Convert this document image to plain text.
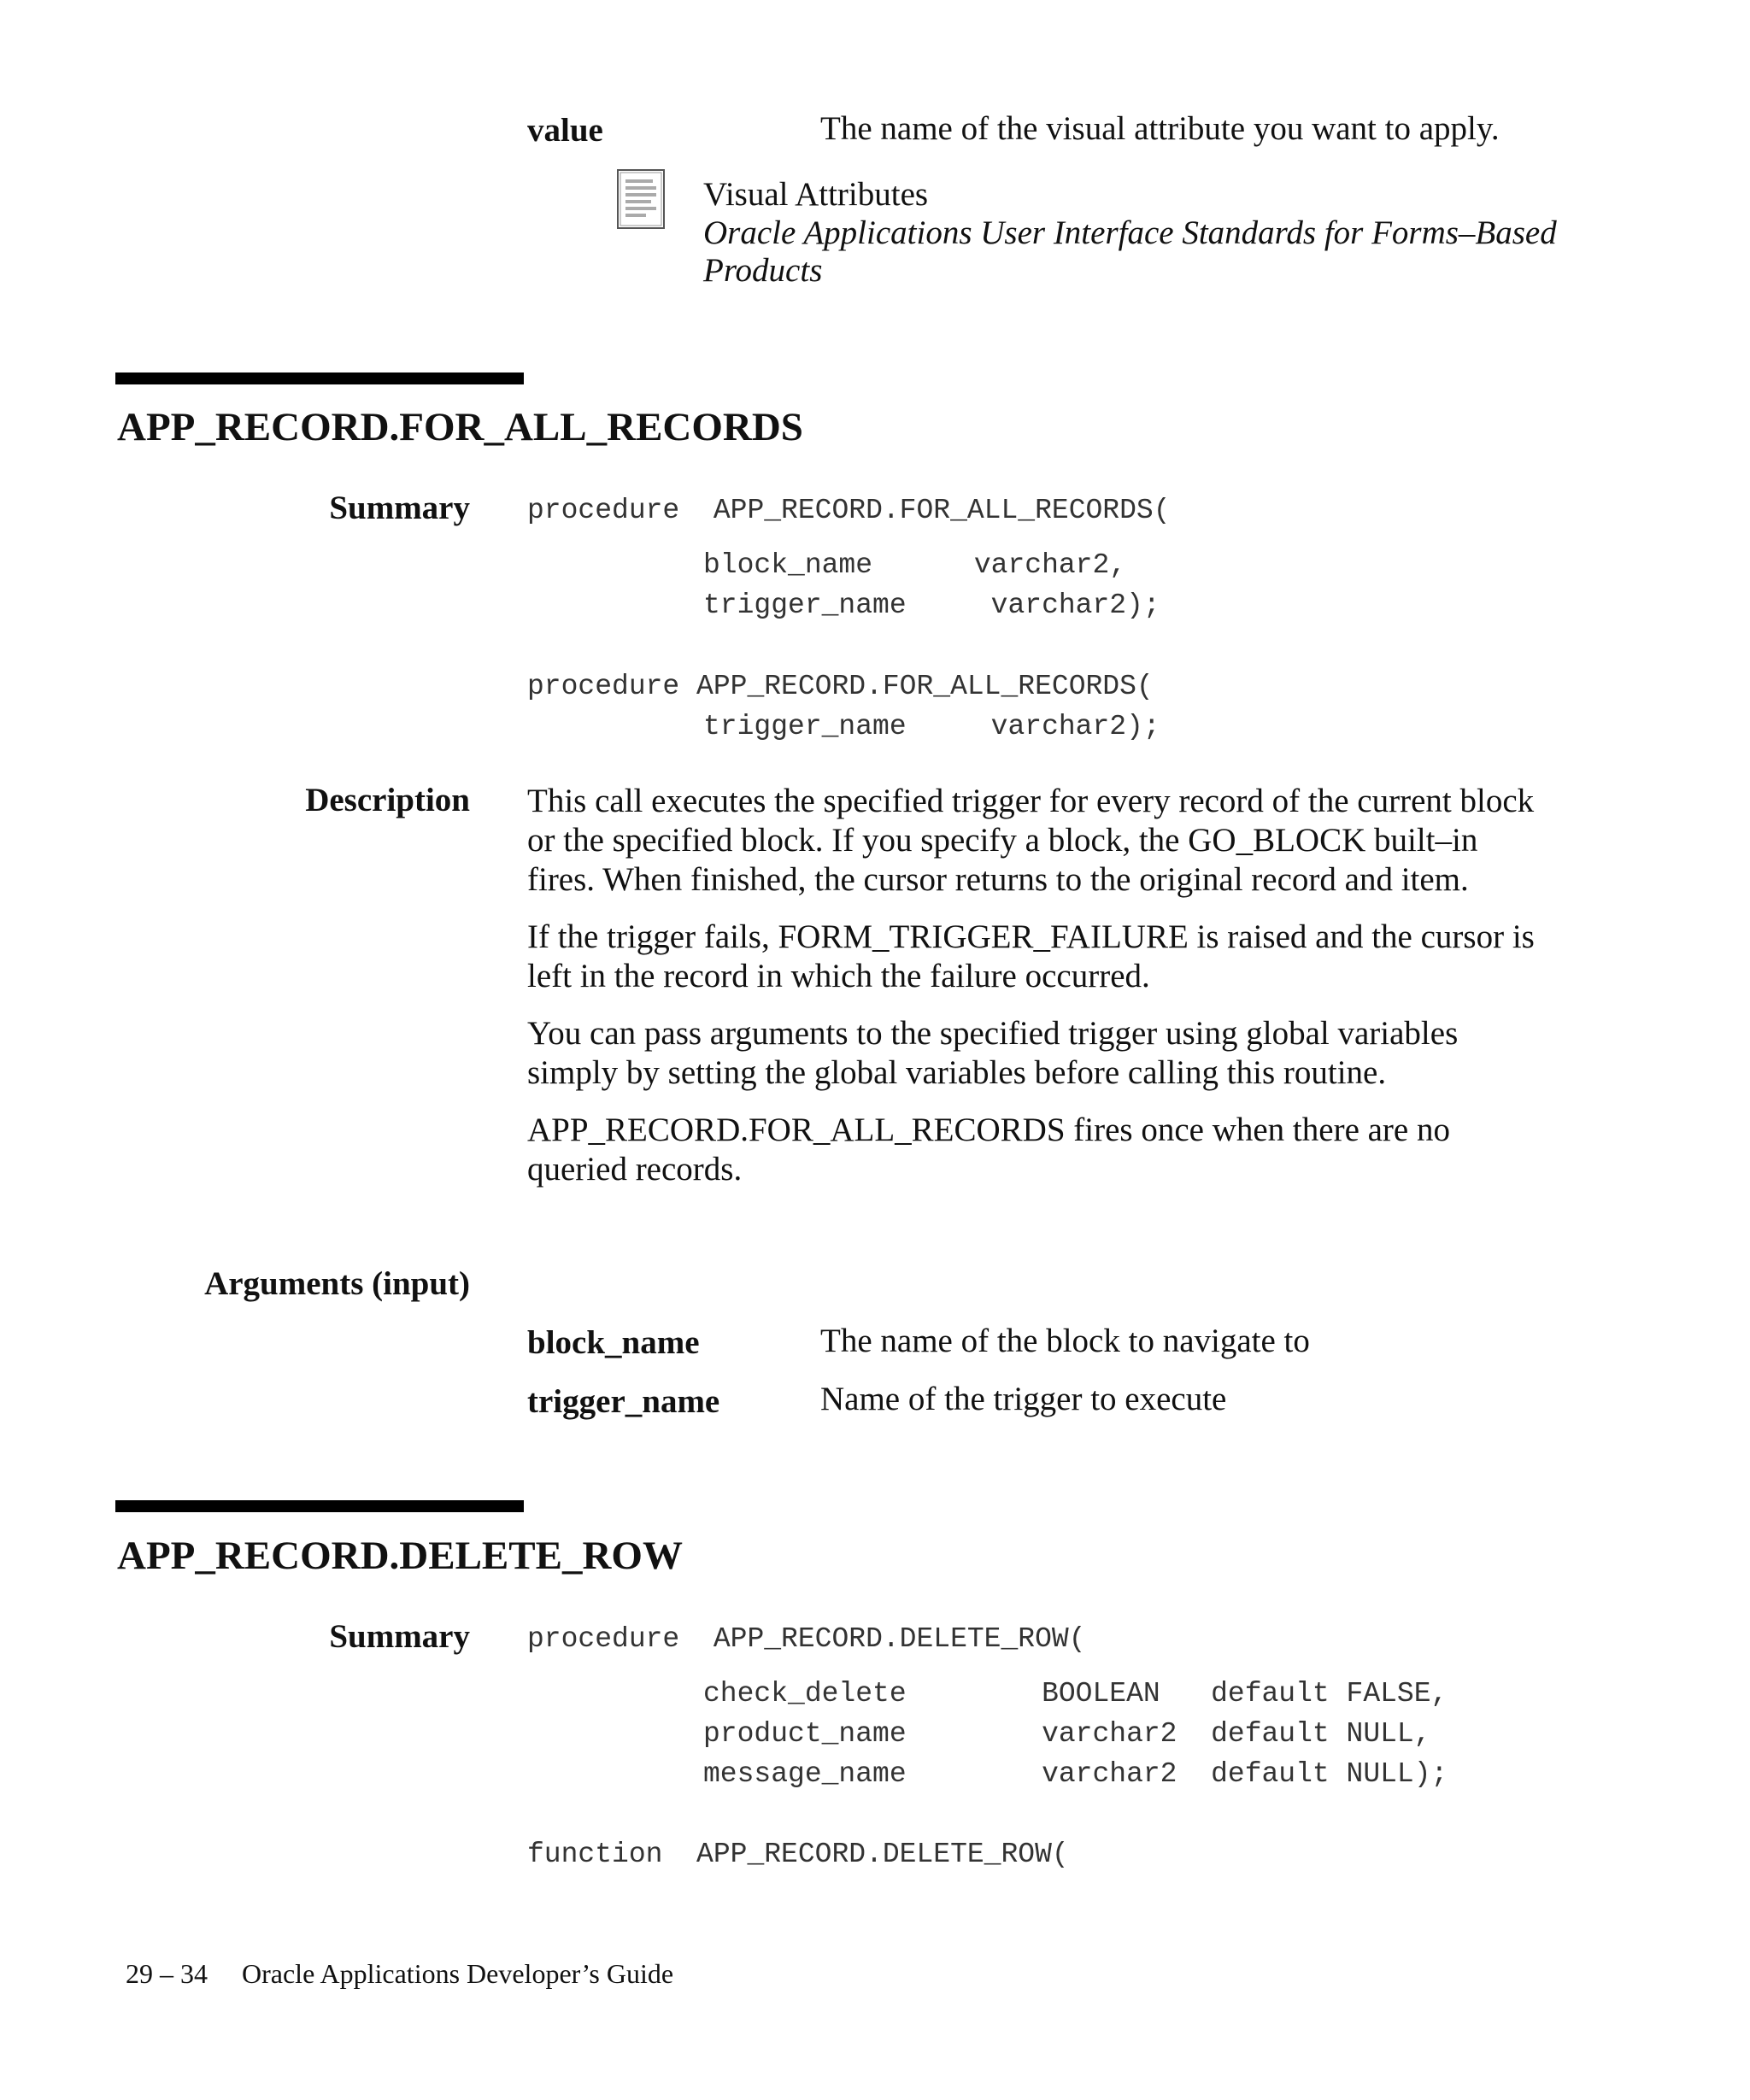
value	The name of the visual attribute you want to apply.
Visual Attributes
Oracle Applications User Interface Standards for Forms–Based
Products
APP_RECORD.FOR_ALL_RECORDS
Summary procedure  APP_RECORD.FOR_ALL_RECORDS(
block_name      varchar2,
trigger_name     varchar2);
procedure APP_RECORD.FOR_ALL_RECORDS(
trigger_name     varchar2);
Description This call executes the specified trigger for every record of the current block or the specified block. If you specify a block, the GO_BLOCK built–in fires. When finished, the cursor returns to the original record and item.

If the trigger fails, FORM_TRIGGER_FAILURE is raised and the cursor is left in the record in which the failure occurred.

You can pass arguments to the specified trigger using global variables simply by setting the global variables before calling this routine.

APP_RECORD.FOR_ALL_RECORDS fires once when there are no queried records.

Arguments (input)
block_name	The name of the block to navigate to
trigger_name	Name of the trigger to execute
APP_RECORD.DELETE_ROW
Summary procedure  APP_RECORD.DELETE_ROW(
check_delete        BOOLEAN   default FALSE,
product_name        varchar2  default NULL,
message_name        varchar2  default NULL);
function  APP_RECORD.DELETE_ROW(
29 – 34 Oracle Applications Developer’s Guide
